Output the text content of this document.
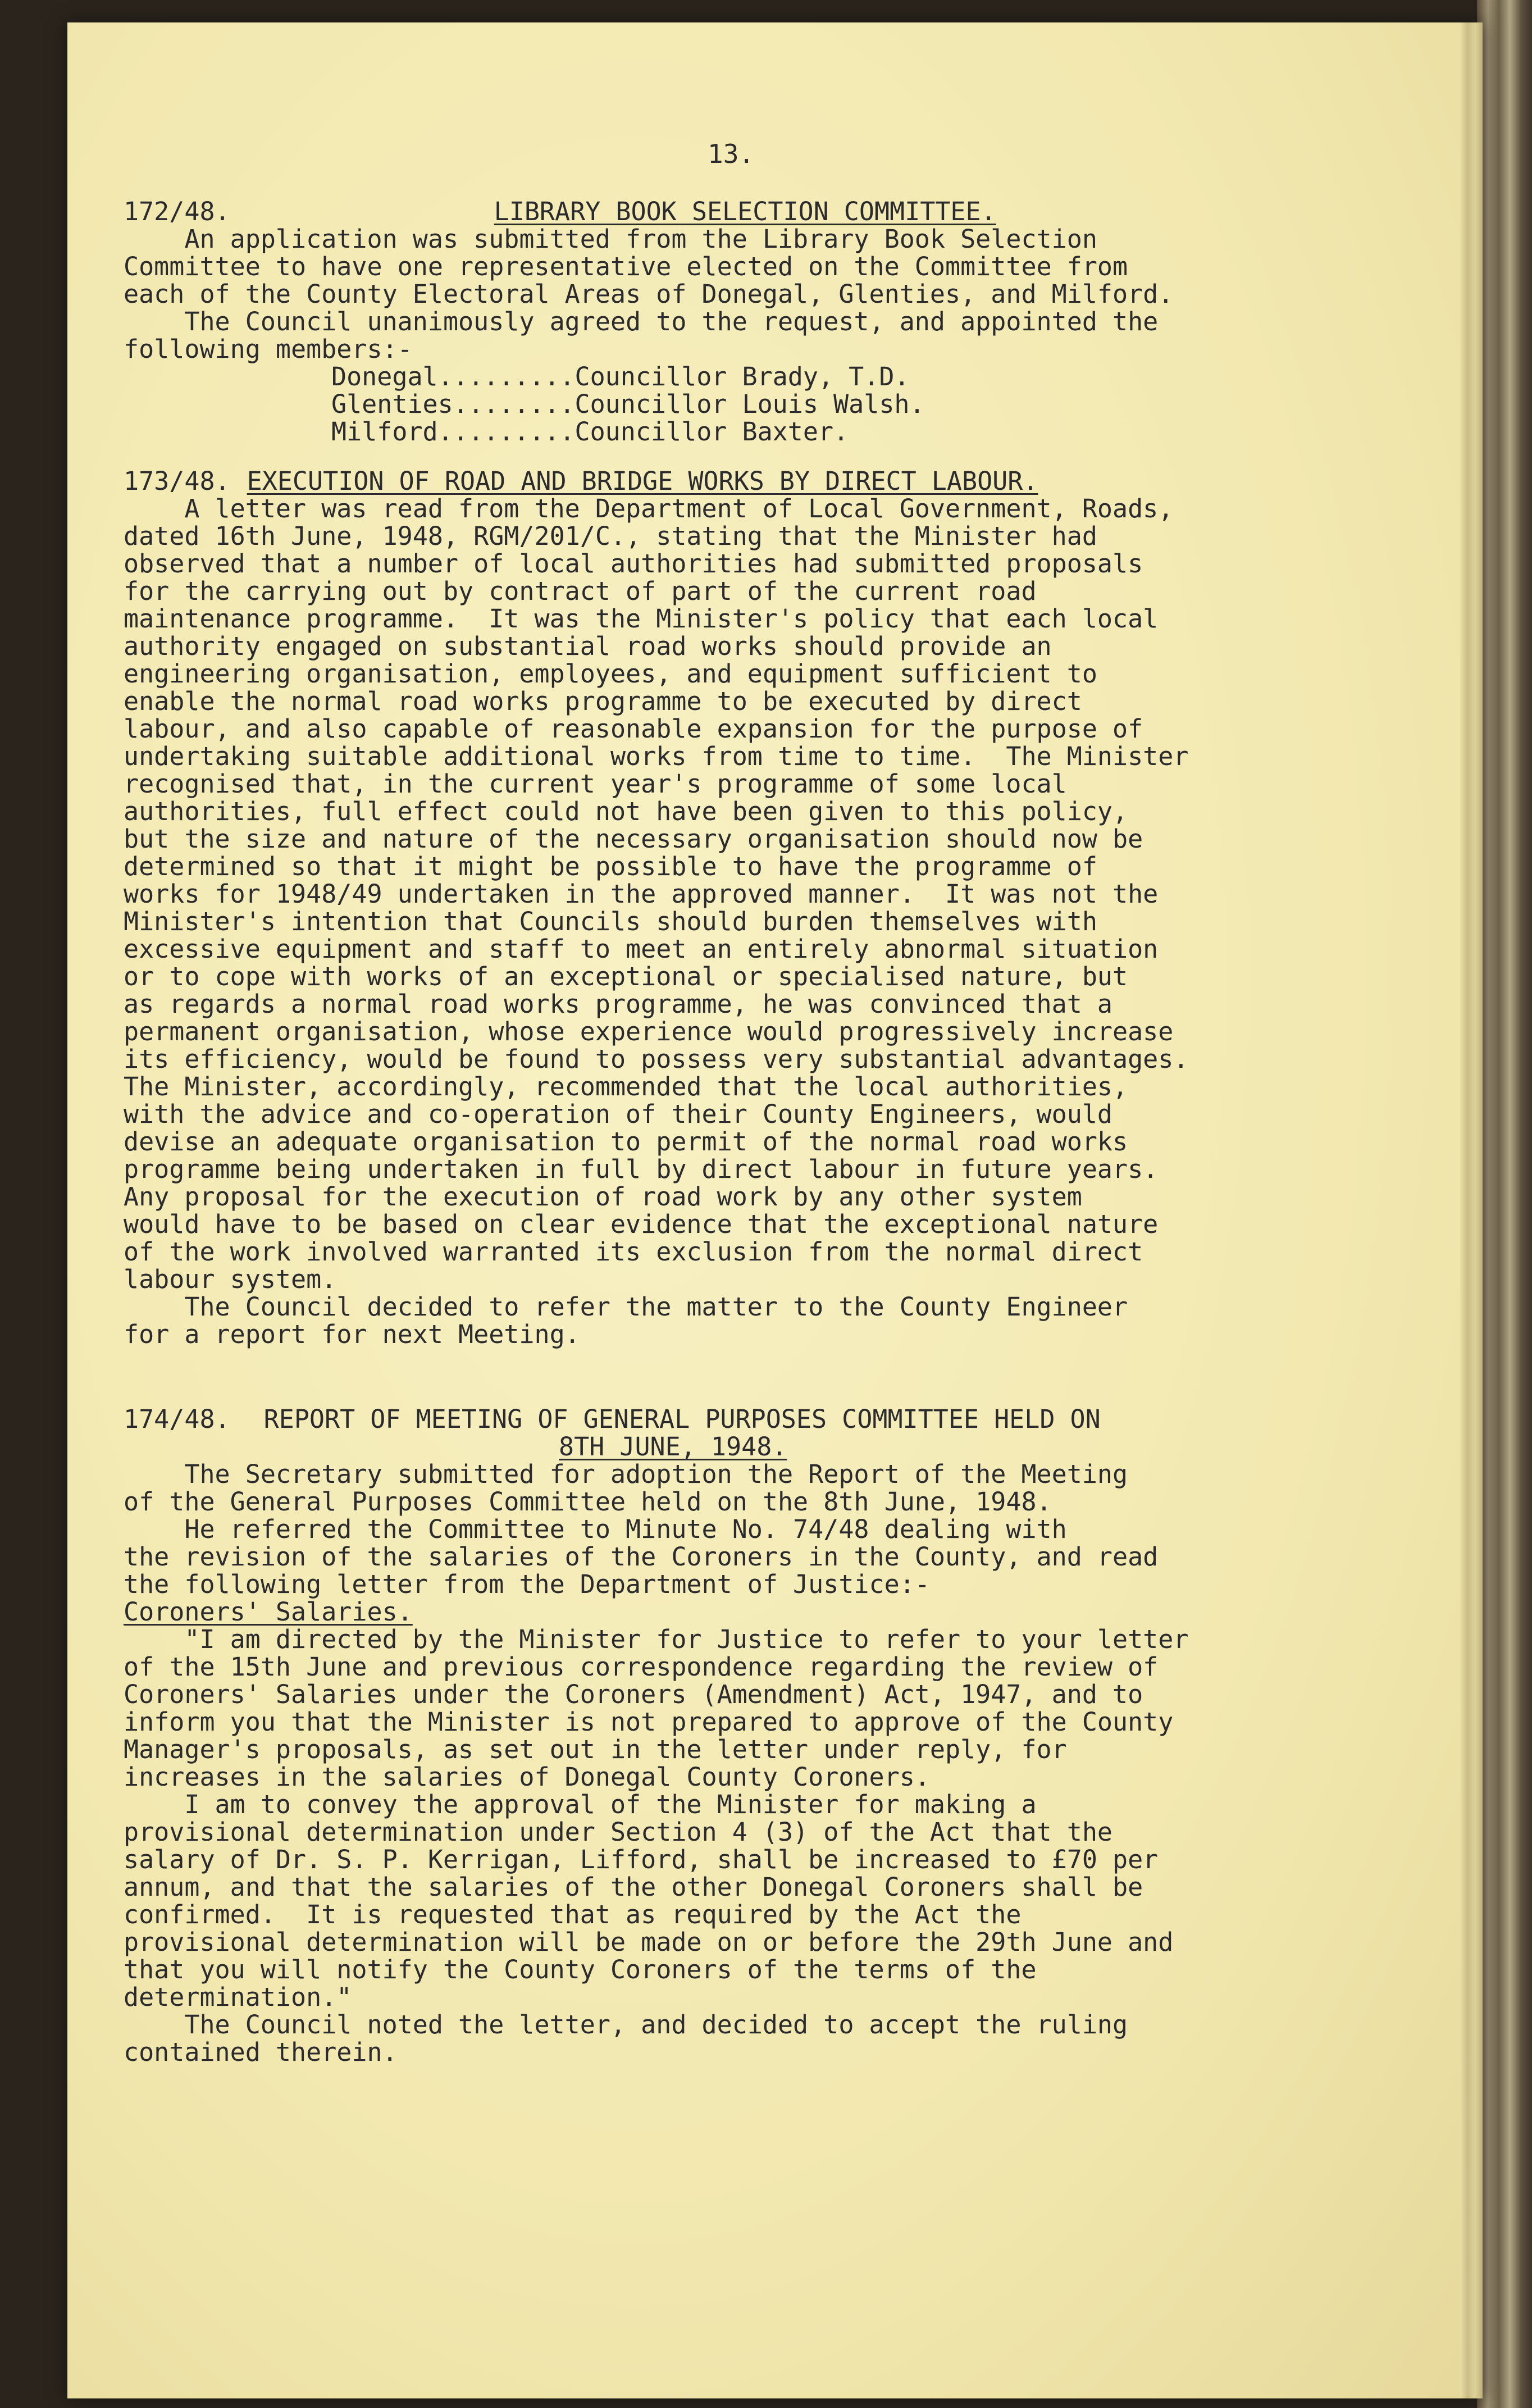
13.
172/48.	LIBRARY BOOK SELECTION COMMITTEE.
An application was submitted from the Library Book Selection
Committee to have one representative elected on the Committee from
each of the County Electoral Areas of Donegal, Glenties, and Milford.
The Council unanimously agreed to the request, and appointed the
following members:-
Donegal.........Councillor Brady, T.D.
Glenties........Councillor Louis Walsh.
Milford.........Councillor Baxter.
173/48. EXECUTION OF ROAD AND BRIDGE WORKS BY DIRECT LABOUR.
A letter was read from the Department of Local Government, Roads,
dated 16th June, 1948, RGM/201/C., stating that the Minister had
observed that a number of local authorities had submitted proposals
for the carrying out by contract of part of the current road
maintenance programme.  It was the Minister's policy that each local
authority engaged on substantial road works should provide an
engineering organisation, employees, and equipment sufficient to
enable the normal road works programme to be executed by direct
labour, and also capable of reasonable expansion for the purpose of
undertaking suitable additional works from time to time.  The Minister
recognised that, in the current year's programme of some local
authorities, full effect could not have been given to this policy,
but the size and nature of the necessary organisation should now be
determined so that it might be possible to have the programme of
works for 1948/49 undertaken in the approved manner.  It was not the
Minister's intention that Councils should burden themselves with
excessive equipment and staff to meet an entirely abnormal situation
or to cope with works of an exceptional or specialised nature, but
as regards a normal road works programme, he was convinced that a
permanent organisation, whose experience would progressively increase
its efficiency, would be found to possess very substantial advantages.
The Minister, accordingly, recommended that the local authorities,
with the advice and co-operation of their County Engineers, would
devise an adequate organisation to permit of the normal road works
programme being undertaken in full by direct labour in future years.
Any proposal for the execution of road work by any other system
would have to be based on clear evidence that the exceptional nature
of the work involved warranted its exclusion from the normal direct
labour system.
The Council decided to refer the matter to the County Engineer
for a report for next Meeting.
174/48. REPORT OF MEETING OF GENERAL PURPOSES COMMITTEE HELD ON
8TH JUNE, 1948.
The Secretary submitted for adoption the Report of the Meeting
of the General Purposes Committee held on the 8th June, 1948.
He referred the Committee to Minute No. 74/48 dealing with
the revision of the salaries of the Coroners in the County, and read
the following letter from the Department of Justice:-
Coroners' Salaries.
"I am directed by the Minister for Justice to refer to your letter
of the 15th June and previous correspondence regarding the review of
Coroners' Salaries under the Coroners (Amendment) Act, 1947, and to
inform you that the Minister is not prepared to approve of the County
Manager's proposals, as set out in the letter under reply, for
increases in the salaries of Donegal County Coroners.
I am to convey the approval of the Minister for making a
provisional determination under Section 4 (3) of the Act that the
salary of Dr. S. P. Kerrigan, Lifford, shall be increased to £70 per
annum, and that the salaries of the other Donegal Coroners shall be
confirmed.  It is requested that as required by the Act the
provisional determination will be made on or before the 29th June and
that you will notify the County Coroners of the terms of the
determination."
The Council noted the letter, and decided to accept the ruling
contained therein.
